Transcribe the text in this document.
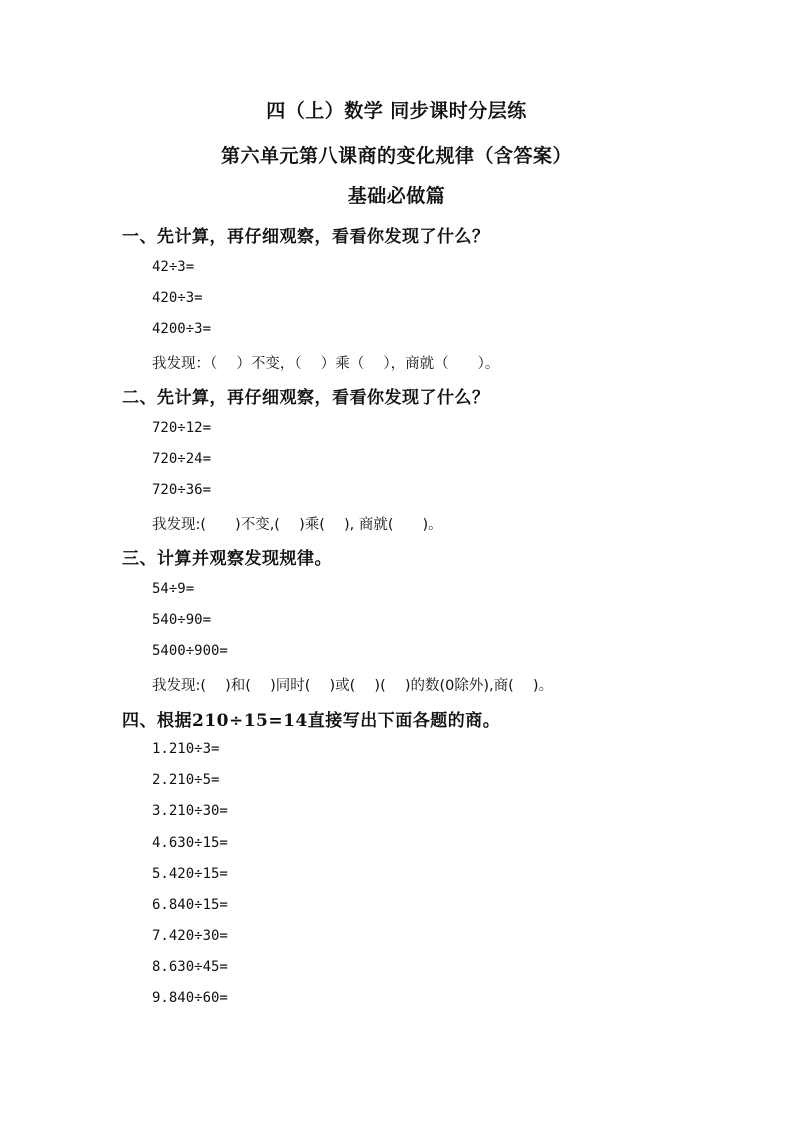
四（上）数学 同步课时分层练
第六单元第八课商的变化规律（含答案）
基础必做篇
一、先计算，再仔细观察，看看你发现了什么？
42÷3=
420÷3=
4200÷3=
我发现：（　 ）不变，（　 ）乘（　 ），商就（　　）。
二、先计算，再仔细观察，看看你发现了什么？
720÷12=
720÷24=
720÷36=
我发现:(　　)不变,(　 )乘(　 ), 商就(　　)。
三、计算并观察发现规律。
54÷9=
540÷90=
5400÷900=
我发现:(　 )和(　 )同时(　 )或(　 )(　 )的数(0除外),商(　 )。
四、根据210÷15=14直接写出下面各题的商。
1.210÷3=
2.210÷5=
3.210÷30=
4.630÷15=
5.420÷15=
6.840÷15=
7.420÷30=
8.630÷45=
9.840÷60=
